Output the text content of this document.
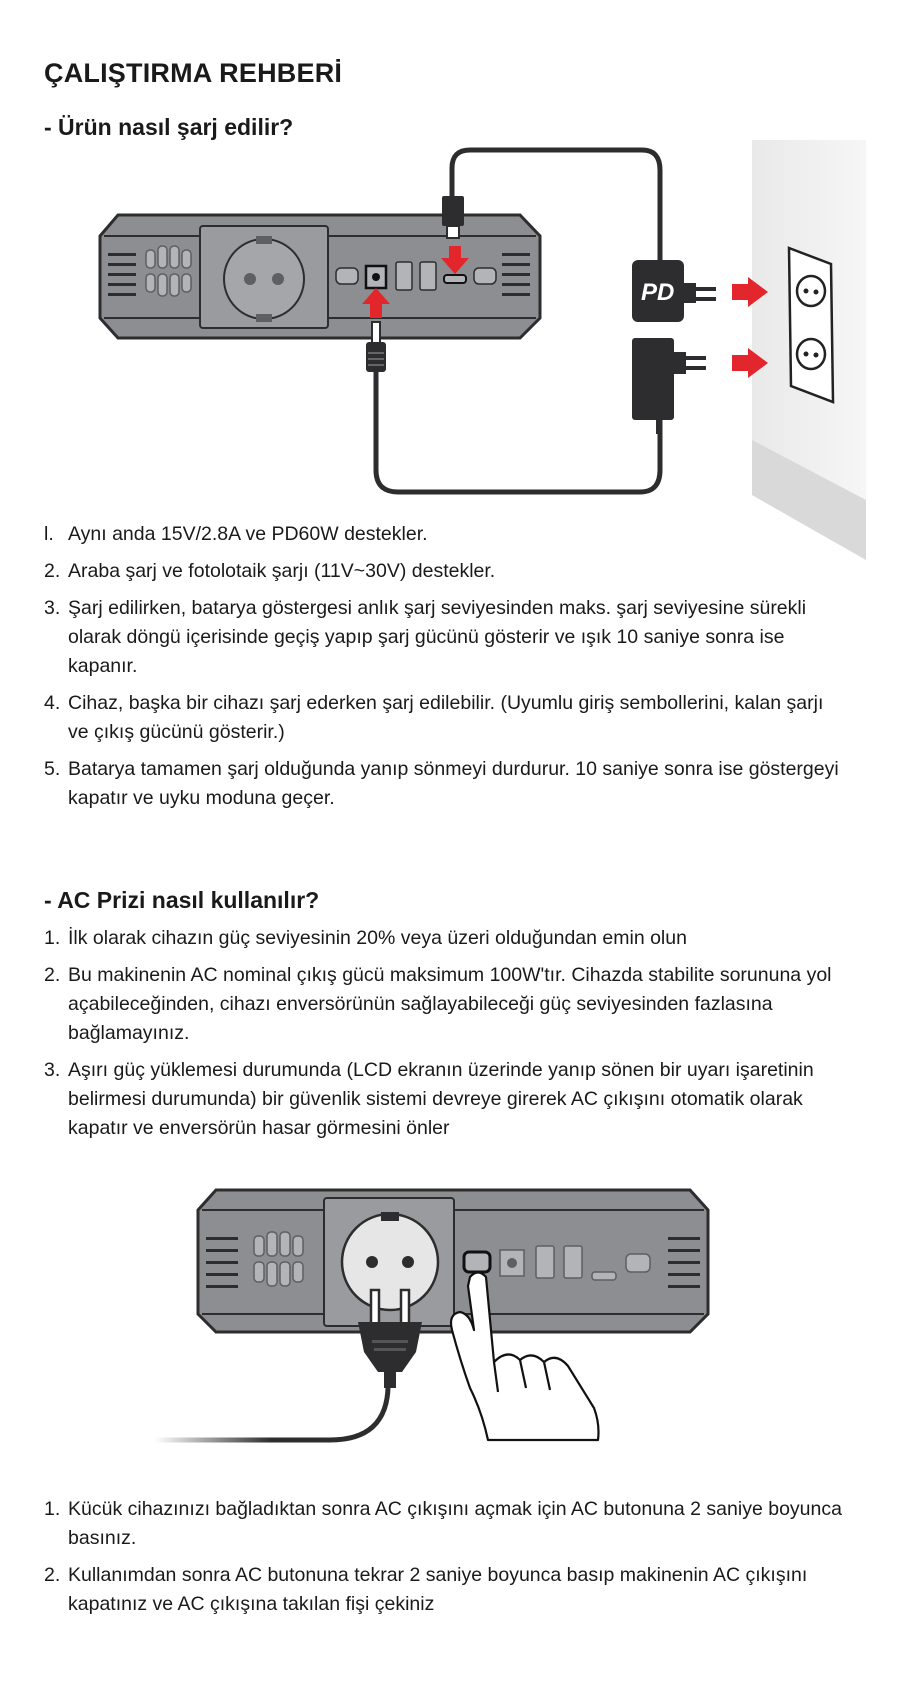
ÇALIŞTIRMA REHBERİ
- Ürün nasıl şarj edilir?
PD
l. Aynı anda 15V/2.8A ve PD60W destekler.
2. Araba şarj ve fotolotaik şarjı (11V~30V) destekler.
3. Şarj edilirken, batarya göstergesi anlık şarj seviyesinden maks. şarj seviyesine sürekli olarak döngü içerisinde geçiş yapıp şarj gücünü gösterir ve ışık 10 saniye sonra ise kapanır.
4. Cihaz, başka bir cihazı şarj ederken şarj edilebilir. (Uyumlu giriş sembollerini, kalan şarjı ve çıkış gücünü gösterir.)
5. Batarya tamamen şarj olduğunda yanıp sönmeyi durdurur. 10 saniye sonra ise göstergeyi kapatır ve uyku moduna geçer.
- AC Prizi nasıl kullanılır?
1. İlk olarak cihazın güç seviyesinin 20% veya üzeri olduğundan emin olun
2. Bu makinenin AC nominal çıkış gücü maksimum 100W'tır. Cihazda stabilite sorununa yol açabileceğinden, cihazı enversörünün sağlayabileceği güç seviyesinden fazlasına bağlamayınız.
3. Aşırı güç yüklemesi durumunda (LCD ekranın üzerinde yanıp sönen bir uyarı işaretinin belirmesi durumunda) bir güvenlik sistemi devreye girerek AC çıkışını otomatik olarak kapatır ve enversörün hasar görmesini önler
1. Kücük cihazınızı bağladıktan sonra AC çıkışını açmak için AC butonuna 2 saniye boyunca basınız.
2. Kullanımdan sonra AC butonuna tekrar 2 saniye boyunca basıp makinenin AC çıkışını kapatınız ve AC çıkışına takılan fişi çekiniz
